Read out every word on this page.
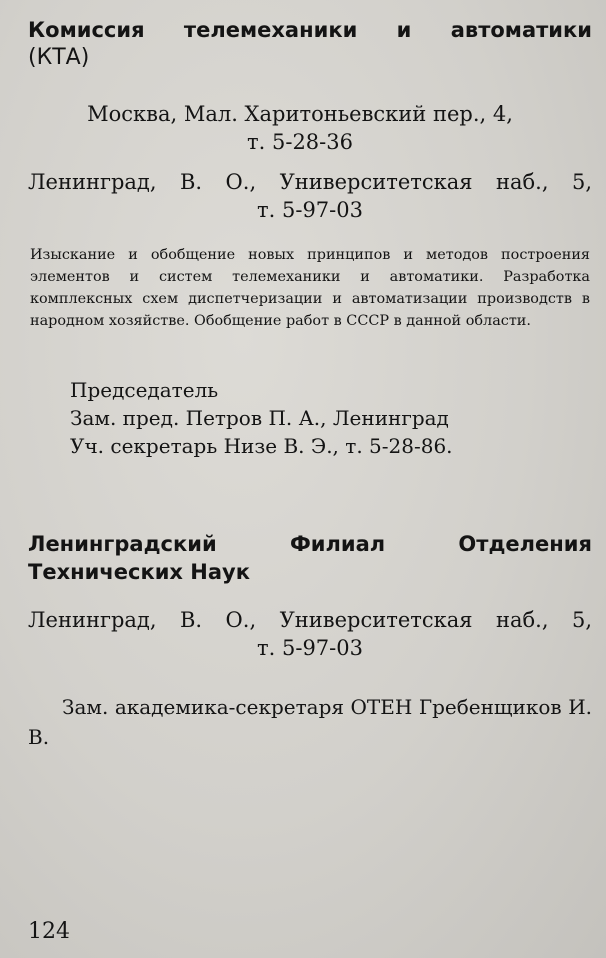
Комиссия телемеханики и автоматики
(КТА)

Москва, Мал. Харитоньевский пер., 4,
т. 5-28-36

Ленинград, В. О., Университетская наб., 5,
т. 5-97-03

Изыскание и обобщение новых принципов и методов построения элементов и систем телемеханики и автоматики. Разработка комплексных схем диспетчеризации и автоматизации производств в народном хозяйстве. Обобщение работ в СССР в данной области.

Председатель
Зам. пред. Петров П. А., Ленинград
Уч. секретарь Низе В. Э., т. 5-28-86.

Ленинградский Филиал Отделения Технических Наук

Ленинград, В. О., Университетская наб., 5,
т. 5-97-03

Зам. академика-секретаря ОТЕН Гребенщиков И. В.

124
